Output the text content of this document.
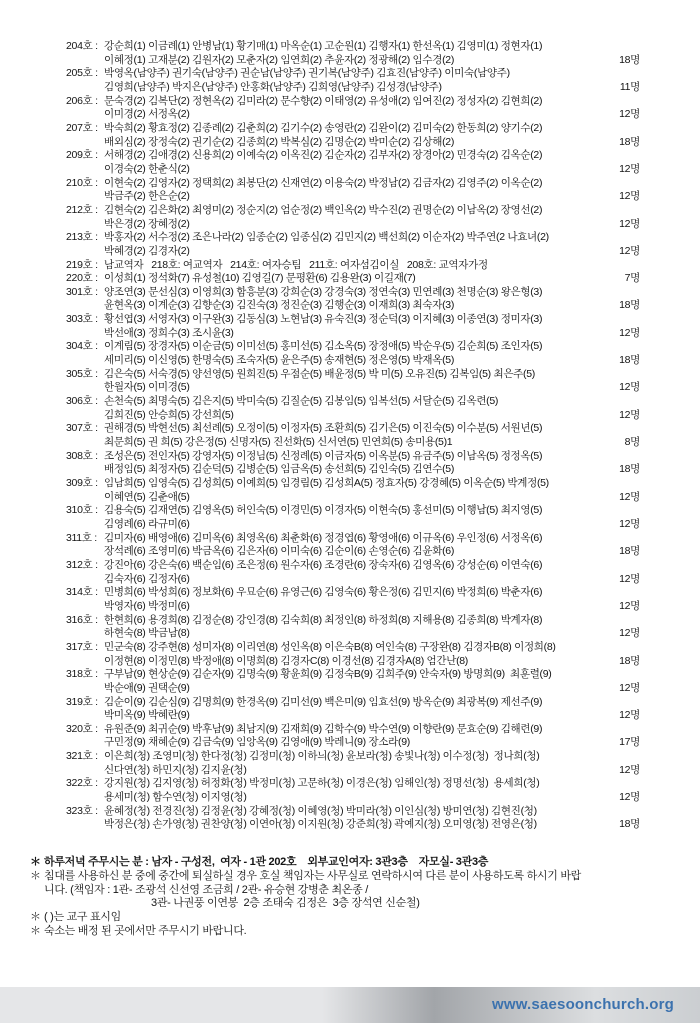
204호 : 강순희(1) 이금례(1) 안병남(1) 황기매(1) 마옥순(1) 고순원(1) 김행자(1) 한선옥(1) 김영미(1) 정현자(1)
이혜정(1) 고재분(2) 김원자(2) 모춘자(2) 임연희(2) 추윤자(2) 정광해(2) 임수경(2)	18명
205호 : 박영옥(남양주) 권기숙(남양주) 권순남(남양주) 권기복(남양주) 김효진(남양주) 이미숙(남양주)
김영희(남양주) 박지은(남양주) 안홍화(남양주) 김희영(남양주) 김성경(남양주)	11명
206호 : 문숙경(2) 김복단(2) 정현옥(2) 김미라(2) 문수향(2) 이태영(2) 유성애(2) 임여진(2) 정성자(2) 김현희(2)
이미경(2) 서정옥(2)	12명
207호 : 박숙희(2) 황효정(2) 김종례(2) 김춘희(2) 김기수(2) 송영란(2) 김완이(2) 김미숙(2) 한동희(2) 양기수(2)
배외심(2) 장정숙(2) 권기순(2) 김종희(2) 박복심(2) 김명순(2) 박미순(2) 김상해(2)	18명
209호 : 서해경(2) 김애경(2) 신용희(2) 이예숙(2) 이옥진(2) 김순자(2) 김부자(2) 장경아(2) 민경숙(2) 김옥순(2)
이경숙(2) 한춘식(2)	12명
210호 : 이현숙(2) 김영자(2) 정택희(2) 최봉단(2) 신재연(2) 이용숙(2) 박정남(2) 김금자(2) 김영주(2) 이옥순(2)
박금주(2) 한은순(2)	12명
212호 : 김현숙(2) 김은화(2) 최영미(2) 정순지(2) 엄순정(2) 백인옥(2) 박수진(2) 권명순(2) 이남옥(2) 장영선(2)
박은경(2) 장혜정(2)	12명
213호 : 박홍자(2) 서수정(2) 조은나라(2) 임종순(2) 임종심(2) 김민지(2) 백선희(2) 이순자(2) 박주연(2 나효녀(2)
박혜경(2) 김경자(2)	12명
219호 : 남교역자   218호: 여교역자   214호: 여자승팀   211호: 여자섬김이실   208호: 교역자가정
220호 : 이성희(1) 정석화(7) 유성철(10) 김영길(7) 문평환(6) 김용완(3) 이길재(7)	7명
301호 : 양조연(3) 문선심(3) 이영희(3) 함흥분(3) 강희순(3) 강경숙(3) 정연숙(3) 민연례(3) 천명순(3) 왕은형(3)
윤현옥(3) 이계순(3) 김향순(3) 김진숙(3) 정진순(3) 김행순(3) 이재희(3) 최숙자(3)	18명
303호 : 황선엽(3) 서영자(3) 이구완(3) 김동심(3) 노현남(3) 유숙진(3) 정순덕(3) 이지혜(3) 이종연(3) 정미자(3)
박선애(3) 정희수(3) 조시윤(3)	12명
304호 : 이계림(5) 장경자(5) 이순금(5) 이미선(5) 홍미선(5) 김소옥(5) 장정애(5) 박순우(5) 김순희(5) 조인자(5)
세미리(5) 이신영(5) 한명숙(5) 조숙자(5) 윤은주(5) 송재현(5) 정은영(5) 박재옥(5)	18명
305호 : 김은숙(5) 서숙경(5) 양선영(5) 원희진(5) 우점순(5) 배윤정(5) 박 미(5) 오유진(5) 김복임(5) 최은주(5)
한월자(5) 이미경(5)	12명
306호 : 손천숙(5) 최명숙(5) 김은지(5) 박미숙(5) 김질순(5) 김봉임(5) 임복선(5) 서달순(5) 김옥련(5)
김희진(5) 안승희(5) 강선희(5)	12명
307호 : 권해경(5) 박현선(5) 최선례(5) 오정이(5) 이정자(5) 조환희(5) 김기은(5) 이진숙(5) 이수분(5) 서원년(5)
최문희(5) 권 희(5) 강은정(5) 신명자(5) 진선화(5) 신서연(5) 민연희(5) 송미용(5)1	8명
308호 : 조성은(5) 전인자(5) 강영자(5) 이정님(5) 신정례(5) 이금자(5) 이옥분(5) 유금주(5) 이남옥(5) 정정옥(5)
배정임(5) 최정자(5) 김순덕(5) 김병순(5) 임금옥(5) 송선희(5) 김인숙(5) 김연수(5)	18명
309호 : 임남희(5) 임영숙(5) 김성희(5) 이예희(5) 임경림(5) 김성희A(5) 정효자(5) 강경혜(5) 이옥순(5) 박계정(5)
이혜연(5) 김춘애(5)	12명
310호 : 김용숙(5) 김재연(5) 김영옥(5) 허인숙(5) 이경민(5) 이경자(5) 이현숙(5) 홍선미(5) 이행남(5) 최지영(5)
김영례(6) 라규미(6)	12명
311호 : 김미자(6) 배영애(6) 김미옥(6) 최영옥(6) 최춘화(6) 정경엽(6) 황영애(6) 이규옥(6) 우인정(6) 서정옥(6)
장석례(6) 조영미(6) 박금옥(6) 김은자(6) 이미숙(6) 김순이(6) 손영순(6) 김윤화(6)	18명
312호 : 강진아(6) 강은숙(6) 백순임(6) 조은정(6) 원수자(6) 조경란(6) 장숙자(6) 김영옥(6) 강성순(6) 이연숙(6)
김숙자(6) 김정자(6)	12명
314호 : 민병희(6) 박성희(6) 정보화(6) 우묘순(6) 유영근(6) 김영숙(6) 황은정(6) 김민지(6) 박정희(6) 박춘자(6)
박영자(6) 박정미(6)	12명
316호 : 한현희(6) 용경희(8) 김정순(8) 강인경(8) 김숙희(8) 최정인(8) 하정희(8) 지해용(8) 김종희(8) 박계자(8)
하현숙(8) 박금남(8)	12명
317호 : 민군숙(8) 강주현(8) 성미자(8) 이리연(8) 성인옥(8) 이은숙B(8) 여인숙(8) 구장완(8) 김경자B(8) 이정희(8)
이정현(8) 이정민(8) 박정애(8) 이명희(8) 김경자C(8) 이경선(8) 김경자A(8) 엄간난(8)	18명
318호 : 구부남(9) 현상순(9) 김순자(9) 김명숙(9) 황윤희(9) 김정숙B(9) 김희주(9) 안숙자(9) 방명희(9)  최훈렬(9)
박순애(9) 권택순(9)	12명
319호 : 김순이(9) 김순심(9) 김명희(9) 한경옥(9) 김미선(9) 백은미(9) 임효선(9) 방옥순(9) 최광복(9) 제선주(9)
박미옥(9) 박혜란(9)	12명
320호 : 유원준(9) 최귀순(9) 박후남(9) 최남지(9) 김재희(9) 김학수(9) 박수연(9) 이향란(9) 문효순(9) 김해련(9)
구민정(9) 채혜순(9) 김금숙(9) 임앙옥(9) 김영애(9) 박레니(9) 장소라(9)	17명
321호 : 이은희(청) 조영미(청) 한다정(청) 김정미(청) 이하늬(청) 윤보라(청) 송빛나(청) 이수정(청)  정나희(청)
신다연(청) 하민지(청) 김지윤(청)	12명
322호 : 강지원(청) 김지영(청) 허정화(청) 박정미(청) 고문하(청) 이경은(청) 임해인(청) 정명선(청)  용세희(청)
용세미(청) 함수연(청) 이지영(청)	12명
323호 : 윤혜정(청) 전경진(청) 김정윤(청) 강혜정(청) 이혜영(청) 박미라(청) 이인심(청) 방미연(청) 김현진(청)
박정은(청) 손가영(청) 권찬양(청) 이연아(청) 이지원(청) 강준희(청) 곽예지(청) 오미영(청) 전영은(청)	18명
＊ 하루저녁 주무시는 분 : 남자 - 구성전,  여자 - 1관 202호    외부교인여자: 3관3층    자모실- 3관3층
＊ 침대를 사용하신 분 중에 중간에 퇴실하실 경우 호실 책임자는 사무실로 연락하시여 다른 분이 사용하도록 하시기 바랍
니다. (책임자 : 1관- 조광석 신선영 조금희 / 2관- 유승현 강병춘 최온종 /
　　　　　　　　　　3관- 나권풍 이연봉  2층 조태숙 김정은  3층 장석연 신순철)
＊ ( )는 교구 표시임
＊ 숙소는 배정 된 곳에서만 주무시기 바랍니다.
www.saesoonchurch.org
